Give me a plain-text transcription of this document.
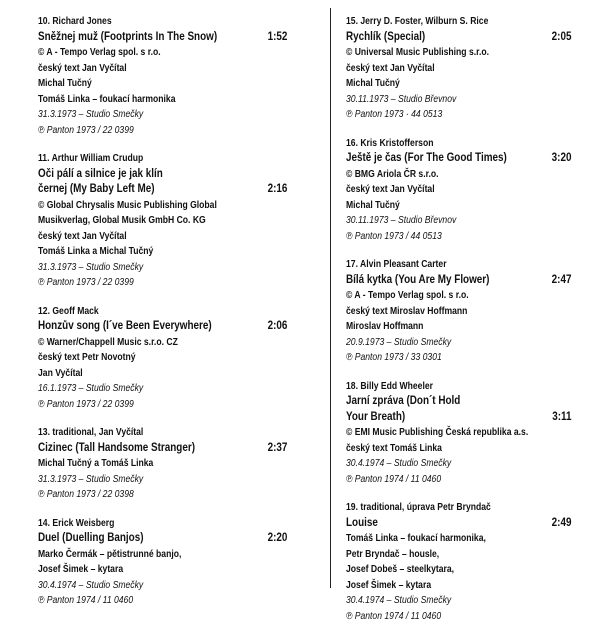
10. Richard Jones
Sněžnej muž (Footprints In The Snow)	1:52
© A - Tempo Verlag spol. s r.o.
český text Jan Vyčítal
Michal Tučný
Tomáš Linka – foukací harmonika
31.3.1973 – Studio Smečky
℗ Panton 1973 / 22 0399
11. Arthur William Crudup
Oči pálí a silnice je jak klín
černej (My Baby Left Me)	2:16
© Global Chrysalis Music Publishing Global
Musikverlag, Global Musik GmbH Co. KG
český text Jan Vyčítal
Tomáš Linka a Michal Tučný
31.3.1973 – Studio Smečky
℗ Panton 1973 / 22 0399
12. Geoff Mack
Honzův song (I´ve Been Everywhere)	2:06
© Warner/Chappell Music s.r.o. CZ
český text Petr Novotný
Jan Vyčítal
16.1.1973 – Studio Smečky
℗ Panton 1973 / 22 0399
13. traditional, Jan Vyčítal
Cizinec (Tall Handsome Stranger)	2:37
Michal Tučný a Tomáš Linka
31.3.1973 – Studio Smečky
℗ Panton 1973 / 22 0398
14. Erick Weisberg
Duel (Duelling Banjos)	2:20
Marko Čermák – pětistrunné banjo,
Josef Šimek – kytara
30.4.1974 – Studio Smečky
℗ Panton 1974 / 11 0460
15. Jerry D. Foster, Wilburn S. Rice
Rychlík (Special)	2:05
© Universal Music Publishing s.r.o.
český text Jan Vyčítal
Michal Tučný
30.11.1973 – Studio Břevnov
℗ Panton 1973 · 44 0513
16. Kris Kristofferson
Ještě je čas (For The Good Times)	3:20
© BMG Ariola ČR s.r.o.
český text Jan Vyčítal
Michal Tučný
30.11.1973 – Studio Břevnov
℗ Panton 1973 / 44 0513
17. Alvin Pleasant Carter
Bílá kytka (You Are My Flower)	2:47
© A - Tempo Verlag spol. s r.o.
český text Miroslav Hoffmann
Miroslav Hoffmann
20.9.1973 – Studio Smečky
℗ Panton 1973 / 33 0301
18. Billy Edd Wheeler
Jarní zpráva (Don´t Hold
Your Breath)	3:11
© EMI Music Publishing Česká republika a.s.
český text Tomáš Linka
30.4.1974 – Studio Smečky
℗ Panton 1974 / 11 0460
19. traditional, úprava Petr Bryndač
Louise	2:49
Tomáš Linka – foukací harmonika,
Petr Bryndač – housle,
Josef Dobeš – steelkytara,
Josef Šimek – kytara
30.4.1974 – Studio Smečky
℗ Panton 1974 / 11 0460
